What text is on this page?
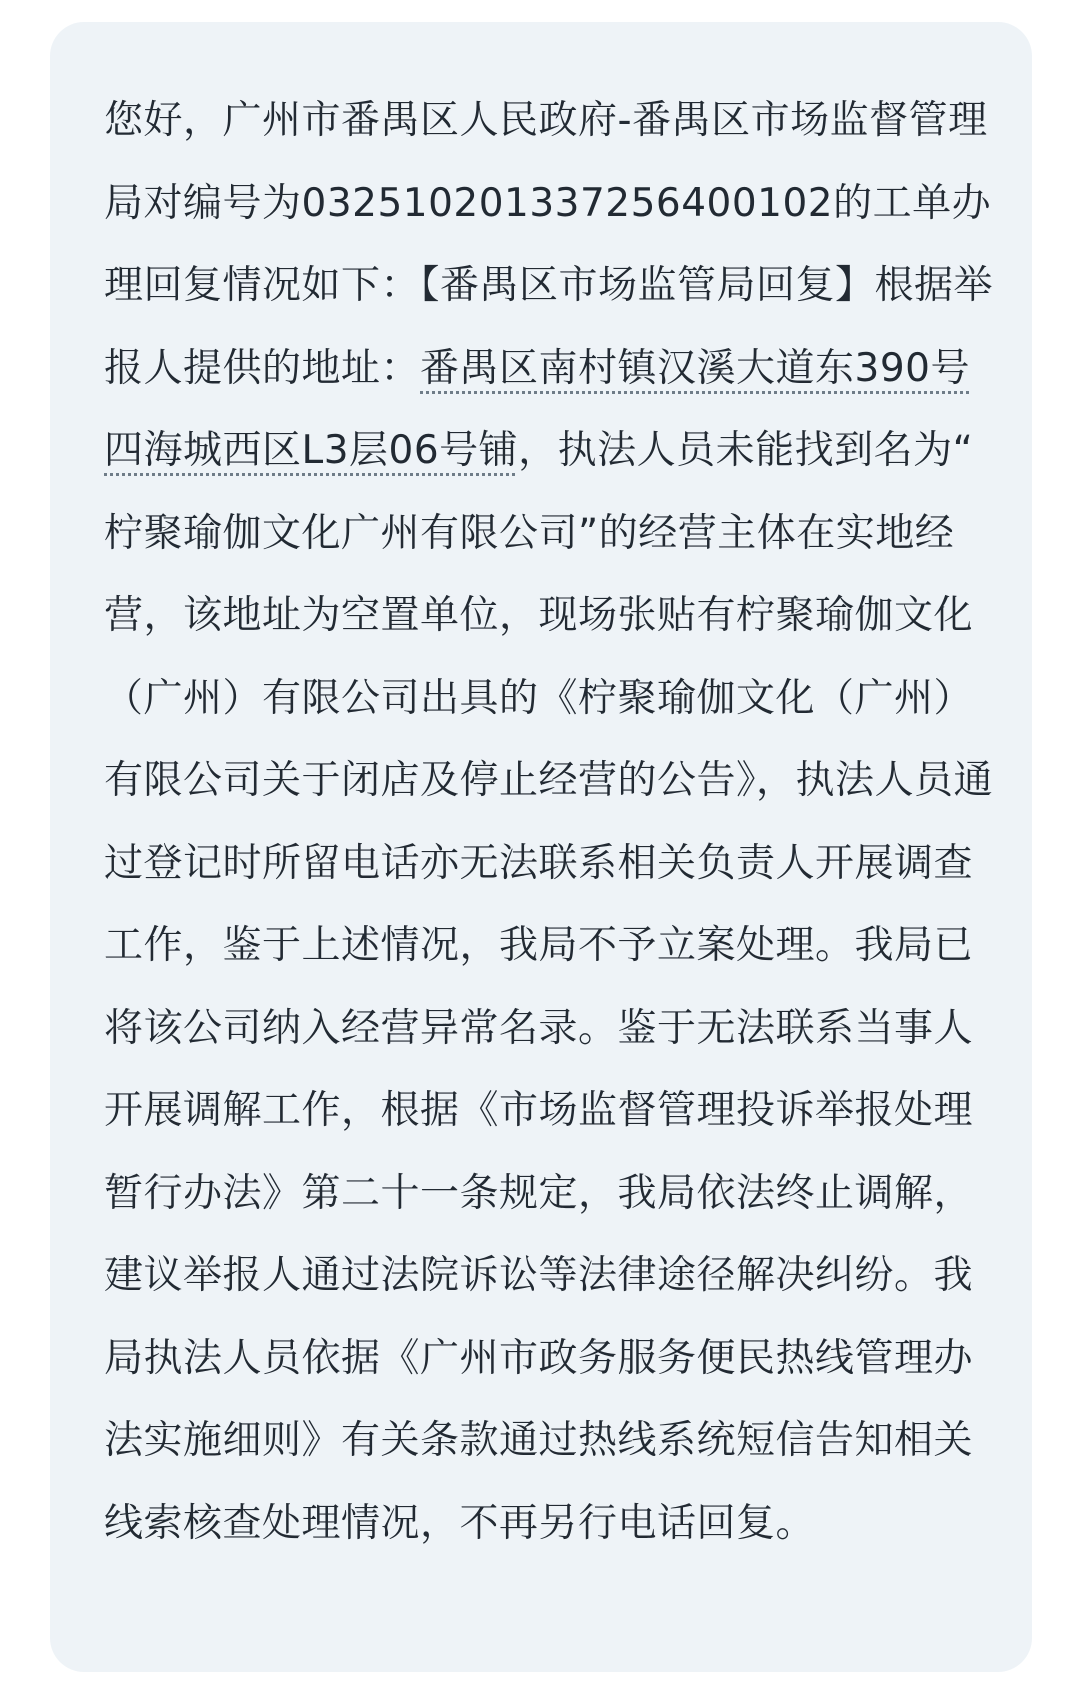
您好，广州市番禺区人民政府-番禺区市场监督管理局对编号为032510201337256400102的工单办理回复情况如下：【番禺区市场监管局回复】根据举报人提供的地址：番禺区南村镇汉溪大道东390号四海城西区L3层06号铺，执法人员未能找到名为“ 柠聚瑜伽文化广州有限公司”的经营主体在实地经营，该地址为空置单位，现场张贴有柠聚瑜伽文化（广州）有限公司出具的《柠聚瑜伽文化（广州）有限公司关于闭店及停止经营的公告》，执法人员通过登记时所留电话亦无法联系相关负责人开展调查工作，鉴于上述情况，我局不予立案处理。我局已将该公司纳入经营异常名录。鉴于无法联系当事人开展调解工作，根据《市场监督管理投诉举报处理暂行办法》第二十一条规定，我局依法终止调解，建议举报人通过法院诉讼等法律途径解决纠纷。我局执法人员依据《广州市政务服务便民热线管理办法实施细则》有关条款通过热线系统短信告知相关线索核查处理情况，不再另行电话回复。
